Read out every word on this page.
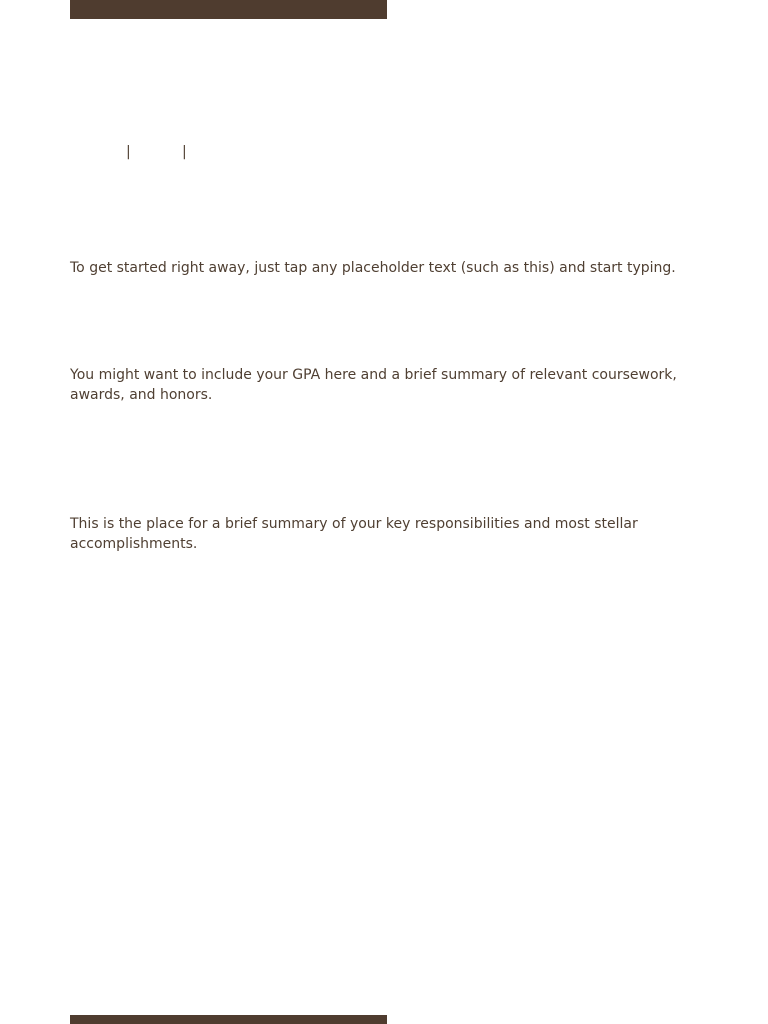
|

	|

To get started right away, just tap any placeholder text (such as this) and start typing.

You might want to include your GPA here and a brief summary of relevant coursework, awards, and honors.

This is the place for a brief summary of your key responsibilities and most stellar accomplishments.
